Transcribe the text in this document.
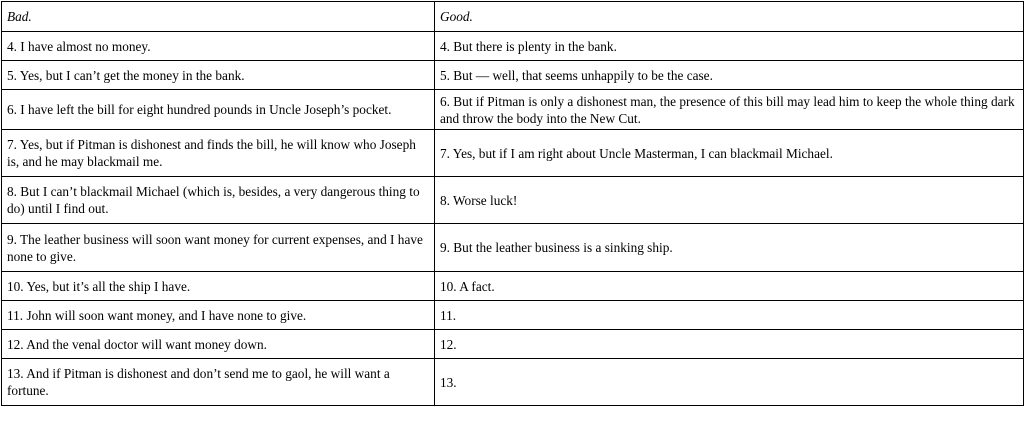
Bad.	Good.
4. I have almost no money.	4. But there is plenty in the bank.
5. Yes, but I can’t get the money in the bank.	5. But — well, that seems unhappily to be the case.
6. I have left the bill for eight hundred pounds in Uncle Joseph’s pocket.	6. But if Pitman is only a dishonest man, the presence of this bill may lead him to keep the whole thing dark and throw the body into the New Cut.
7. Yes, but if Pitman is dishonest and finds the bill, he will know who Joseph is, and he may blackmail me.	7. Yes, but if I am right about Uncle Masterman, I can blackmail Michael.
8. But I can’t blackmail Michael (which is, besides, a very dangerous thing to do) until I find out.	8. Worse luck!
9. The leather business will soon want money for current expenses, and I have none to give.	9. But the leather business is a sinking ship.
10. Yes, but it’s all the ship I have.	10. A fact.
11. John will soon want money, and I have none to give.	11.
12. And the venal doctor will want money down.	12.
13. And if Pitman is dishonest and don’t send me to gaol, he will want a fortune.	13.
